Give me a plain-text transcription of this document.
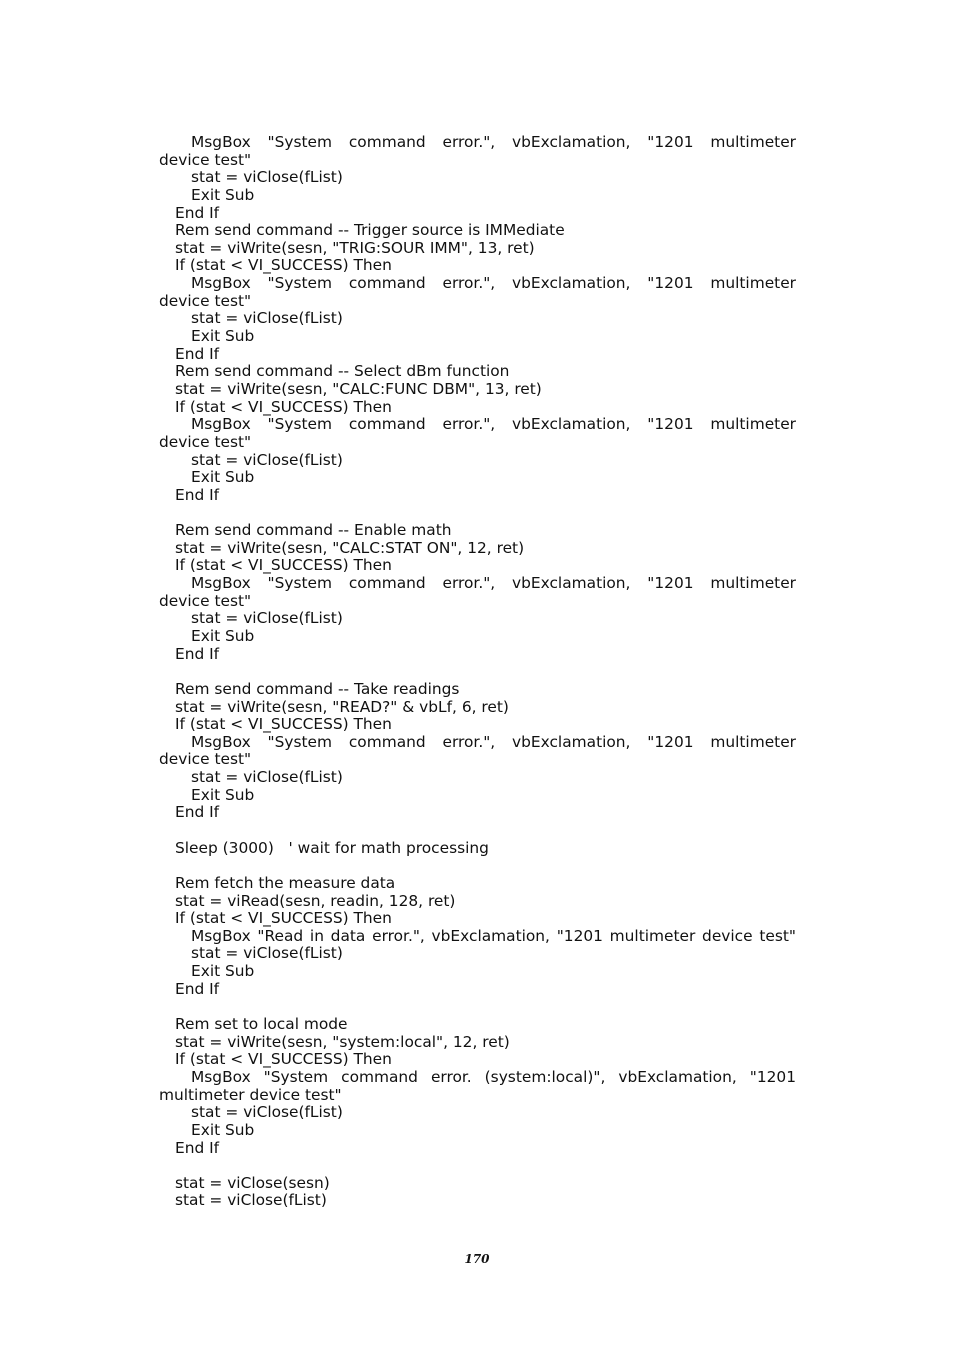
MsgBox "System command error.", vbExclamation, "1201 multimeter
device test"
stat = viClose(fList)
Exit Sub
End If
Rem send command -- Trigger source is IMMediate
stat = viWrite(sesn, "TRIG:SOUR IMM", 13, ret)
If (stat < VI_SUCCESS) Then
MsgBox "System command error.", vbExclamation, "1201 multimeter
device test"
stat = viClose(fList)
Exit Sub
End If
Rem send command -- Select dBm function
stat = viWrite(sesn, "CALC:FUNC DBM", 13, ret)
If (stat < VI_SUCCESS) Then
MsgBox "System command error.", vbExclamation, "1201 multimeter
device test"
stat = viClose(fList)
Exit Sub
End If
Rem send command -- Enable math
stat = viWrite(sesn, "CALC:STAT ON", 12, ret)
If (stat < VI_SUCCESS) Then
MsgBox "System command error.", vbExclamation, "1201 multimeter
device test"
stat = viClose(fList)
Exit Sub
End If
Rem send command -- Take readings
stat = viWrite(sesn, "READ?" & vbLf, 6, ret)
If (stat < VI_SUCCESS) Then
MsgBox "System command error.", vbExclamation, "1201 multimeter
device test"
stat = viClose(fList)
Exit Sub
End If
Sleep (3000)   ' wait for math processing
Rem fetch the measure data
stat = viRead(sesn, readin, 128, ret)
If (stat < VI_SUCCESS) Then
MsgBox "Read in data error.", vbExclamation, "1201 multimeter device test"
stat = viClose(fList)
Exit Sub
End If
Rem set to local mode
stat = viWrite(sesn, "system:local", 12, ret)
If (stat < VI_SUCCESS) Then
MsgBox "System command error. (system:local)", vbExclamation, "1201
multimeter device test"
stat = viClose(fList)
Exit Sub
End If
stat = viClose(sesn)
stat = viClose(fList)
170
